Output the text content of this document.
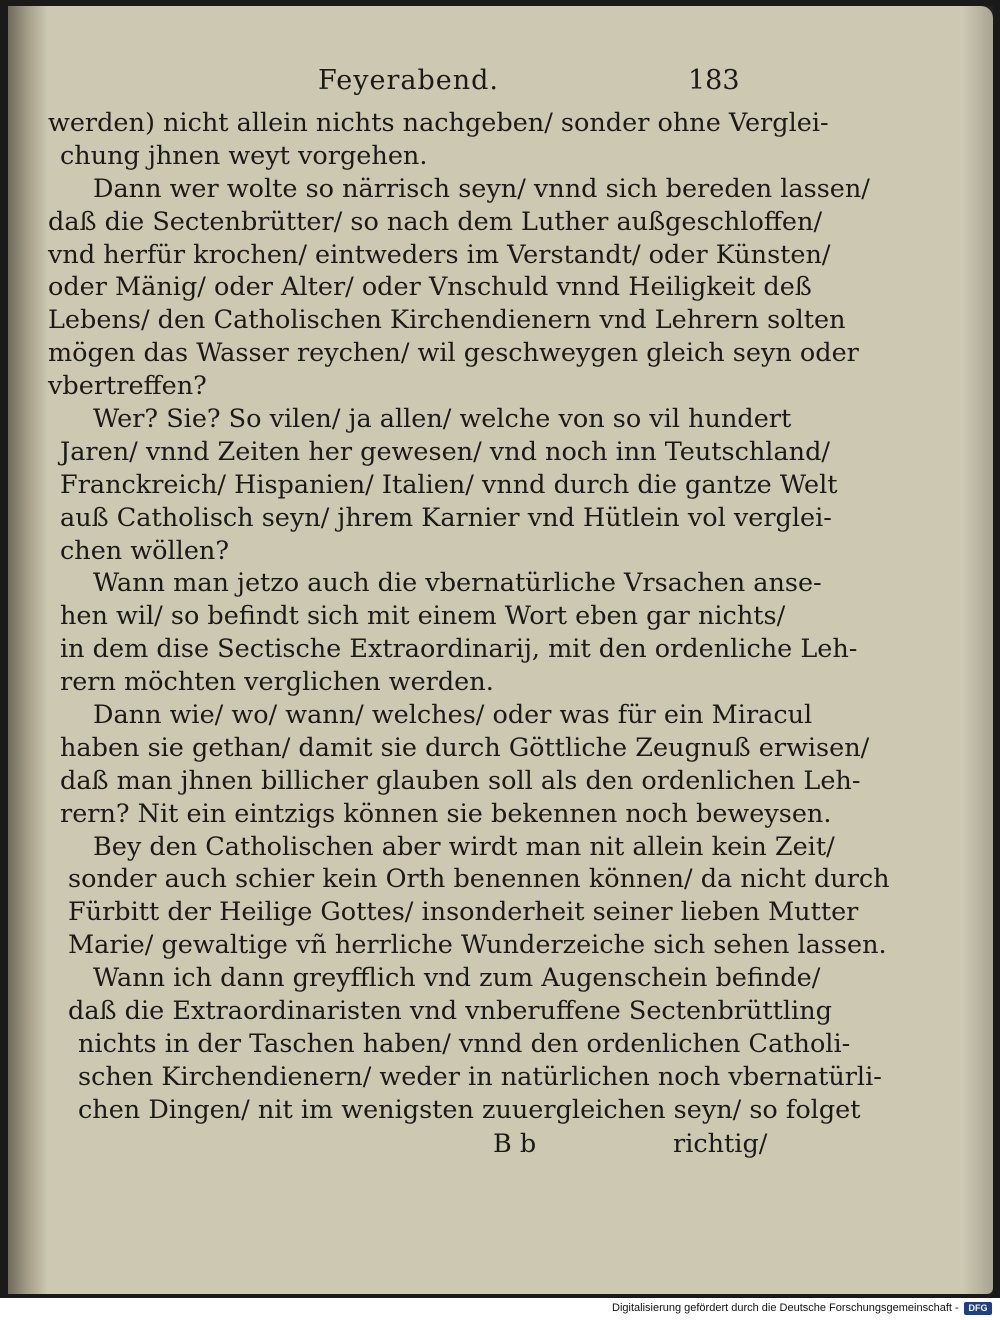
Feyerabend.	183
werden) nicht allein nichts nachgeben/ sonder ohne Verglei-
chung jhnen weyt vorgehen.
Dann wer wolte so närrisch seyn/ vnnd sich bereden lassen/
daß die Sectenbrütter/ so nach dem Luther außgeschloffen/
vnd herfür krochen/ eintweders im Verstandt/ oder Künsten/
oder Mänig/ oder Alter/ oder Vnschuld vnnd Heiligkeit deß
Lebens/ den Catholischen Kirchendienern vnd Lehrern solten
mögen das Wasser reychen/ wil geschweygen gleich seyn oder
vbertreffen?
Wer? Sie? So vilen/ ja allen/ welche von so vil hundert
Jaren/ vnnd Zeiten her gewesen/ vnd noch inn Teutschland/
Franckreich/ Hispanien/ Italien/ vnnd durch die gantze Welt
auß Catholisch seyn/ jhrem Karnier vnd Hütlein vol verglei-
chen wöllen?
Wann man jetzo auch die vbernatürliche Vrsachen anse-
hen wil/ so befindt sich mit einem Wort eben gar nichts/
in dem dise Sectische Extraordinarij, mit den ordenliche Leh-
rern möchten verglichen werden.
Dann wie/ wo/ wann/ welches/ oder was für ein Miracul
haben sie gethan/ damit sie durch Göttliche Zeugnuß erwisen/
daß man jhnen billicher glauben soll als den ordenlichen Leh-
rern? Nit ein eintzigs können sie bekennen noch beweysen.
Bey den Catholischen aber wirdt man nit allein kein Zeit/
sonder auch schier kein Orth benennen können/ da nicht durch
Fürbitt der Heilige Gottes/ insonderheit seiner lieben Mutter
Marie/ gewaltige vñ herrliche Wunderzeiche sich sehen lassen.
Wann ich dann greyfflich vnd zum Augenschein befinde/
daß die Extraordinaristen vnd vnberuffene Sectenbrüttling
nichts in der Taschen haben/ vnnd den ordenlichen Catholi-
schen Kirchendienern/ weder in natürlichen noch vbernatürli-
chen Dingen/ nit im wenigsten zuuergleichen seyn/ so folget
B b	richtig/
Digitalisierung gefördert durch die Deutsche Forschungsgemeinschaft -	DFG
